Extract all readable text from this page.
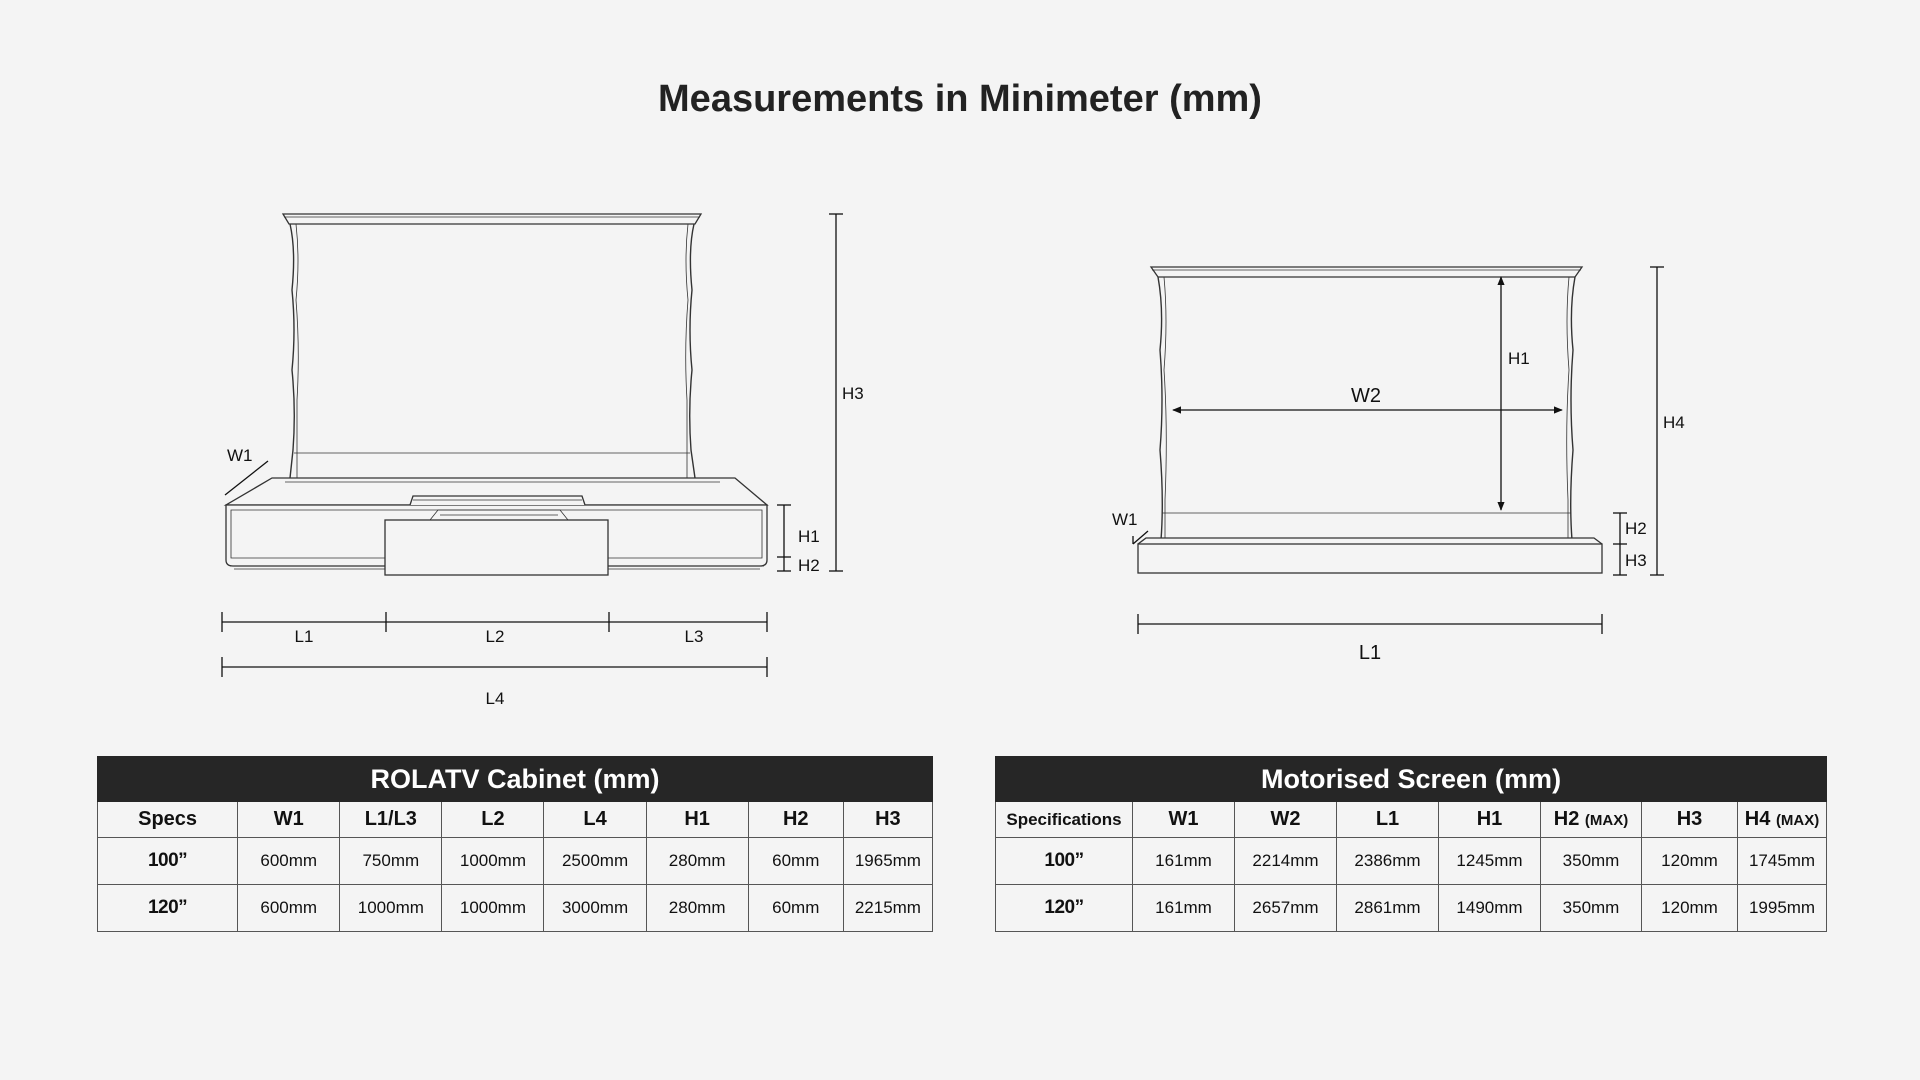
Measurements in Minimeter (mm)
W1
H3
H1
H2
L1	L2	L3
L4
W2
H1
W1
H4
H2
H3
L1
ROLATV Cabinet (mm)							
Specs	W1	L1/L3	L2	L4	H1	H2	H3
100”	600mm	750mm	1000mm	2500mm	280mm	60mm	1965mm
120”	600mm	1000mm	1000mm	3000mm	280mm	60mm	2215mm
Motorised Screen (mm)							
Specifications	W1	W2	L1	H1	H2 (MAX)	H3	H4 (MAX)
100”	161mm	2214mm	2386mm	1245mm	350mm	120mm	1745mm
120”	161mm	2657mm	2861mm	1490mm	350mm	120mm	1995mm
